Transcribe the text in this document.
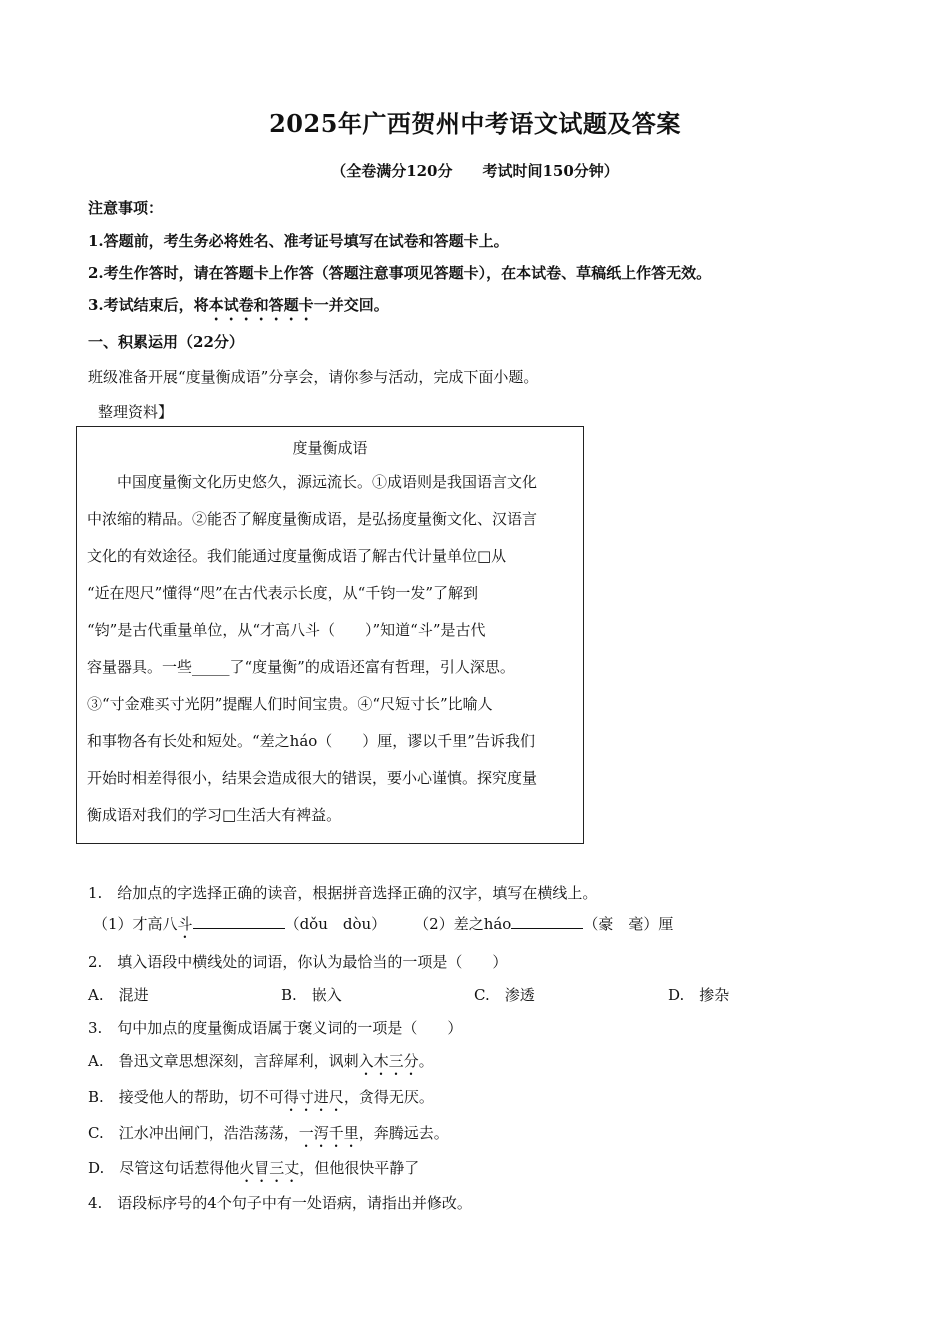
2025年广西贺州中考语文试题及答案
（全卷满分120分　　考试时间150分钟）
注意事项：
1.答题前，考生务必将姓名、准考证号填写在试卷和答题卡上。
2.考生作答时，请在答题卡上作答（答题注意事项见答题卡），在本试卷、草稿纸上作答无效。
3.考试结束后，将本试卷和答题卡一并交回。
一、积累运用（22分）
班级准备开展“度量衡成语”分享会，请你参与活动，完成下面小题。
整理资料】
度量衡成语
中国度量衡文化历史悠久，源远流长。①成语则是我国语言文化
中浓缩的精品。②能否了解度量衡成语，是弘扬度量衡文化、汉语言
文化的有效途径。我们能通过度量衡成语了解古代计量单位□从
“近在咫尺”懂得“咫”在古代表示长度，从“千钧一发”了解到
“钧”是古代重量单位，从“才高八斗（　　）”知道“斗”是古代
容量器具。一些_____了“度量衡”的成语还富有哲理，引人深思。
③“寸金难买寸光阴”提醒人们时间宝贵。④“尺短寸长”比喻人
和事物各有长处和短处。“差之háo（　　）厘，谬以千里”告诉我们
开始时相差得很小，结果会造成很大的错误，要小心谨慎。探究度量
衡成语对我们的学习□生活大有裨益。
1.　给加点的字选择正确的读音，根据拼音选择正确的汉字，填写在横线上。
（1）才高八斗	（dǒu　dòu） （2）差之háo	（豪　毫）厘
2.　填入语段中横线处的词语，你认为最恰当的一项是（　　）
A.　混进	B.　嵌入	C.　渗透	D.　掺杂
3.　句中加点的度量衡成语属于褒义词的一项是（　　）
A.　鲁迅文章思想深刻，言辞犀利，讽刺入木三分。
B.　接受他人的帮助，切不可得寸进尺，贪得无厌。
C.　江水冲出闸门，浩浩荡荡，一泻千里，奔腾远去。
D.　尽管这句话惹得他火冒三丈，但他很快平静了
4.　语段标序号的4个句子中有一处语病，请指出并修改。
